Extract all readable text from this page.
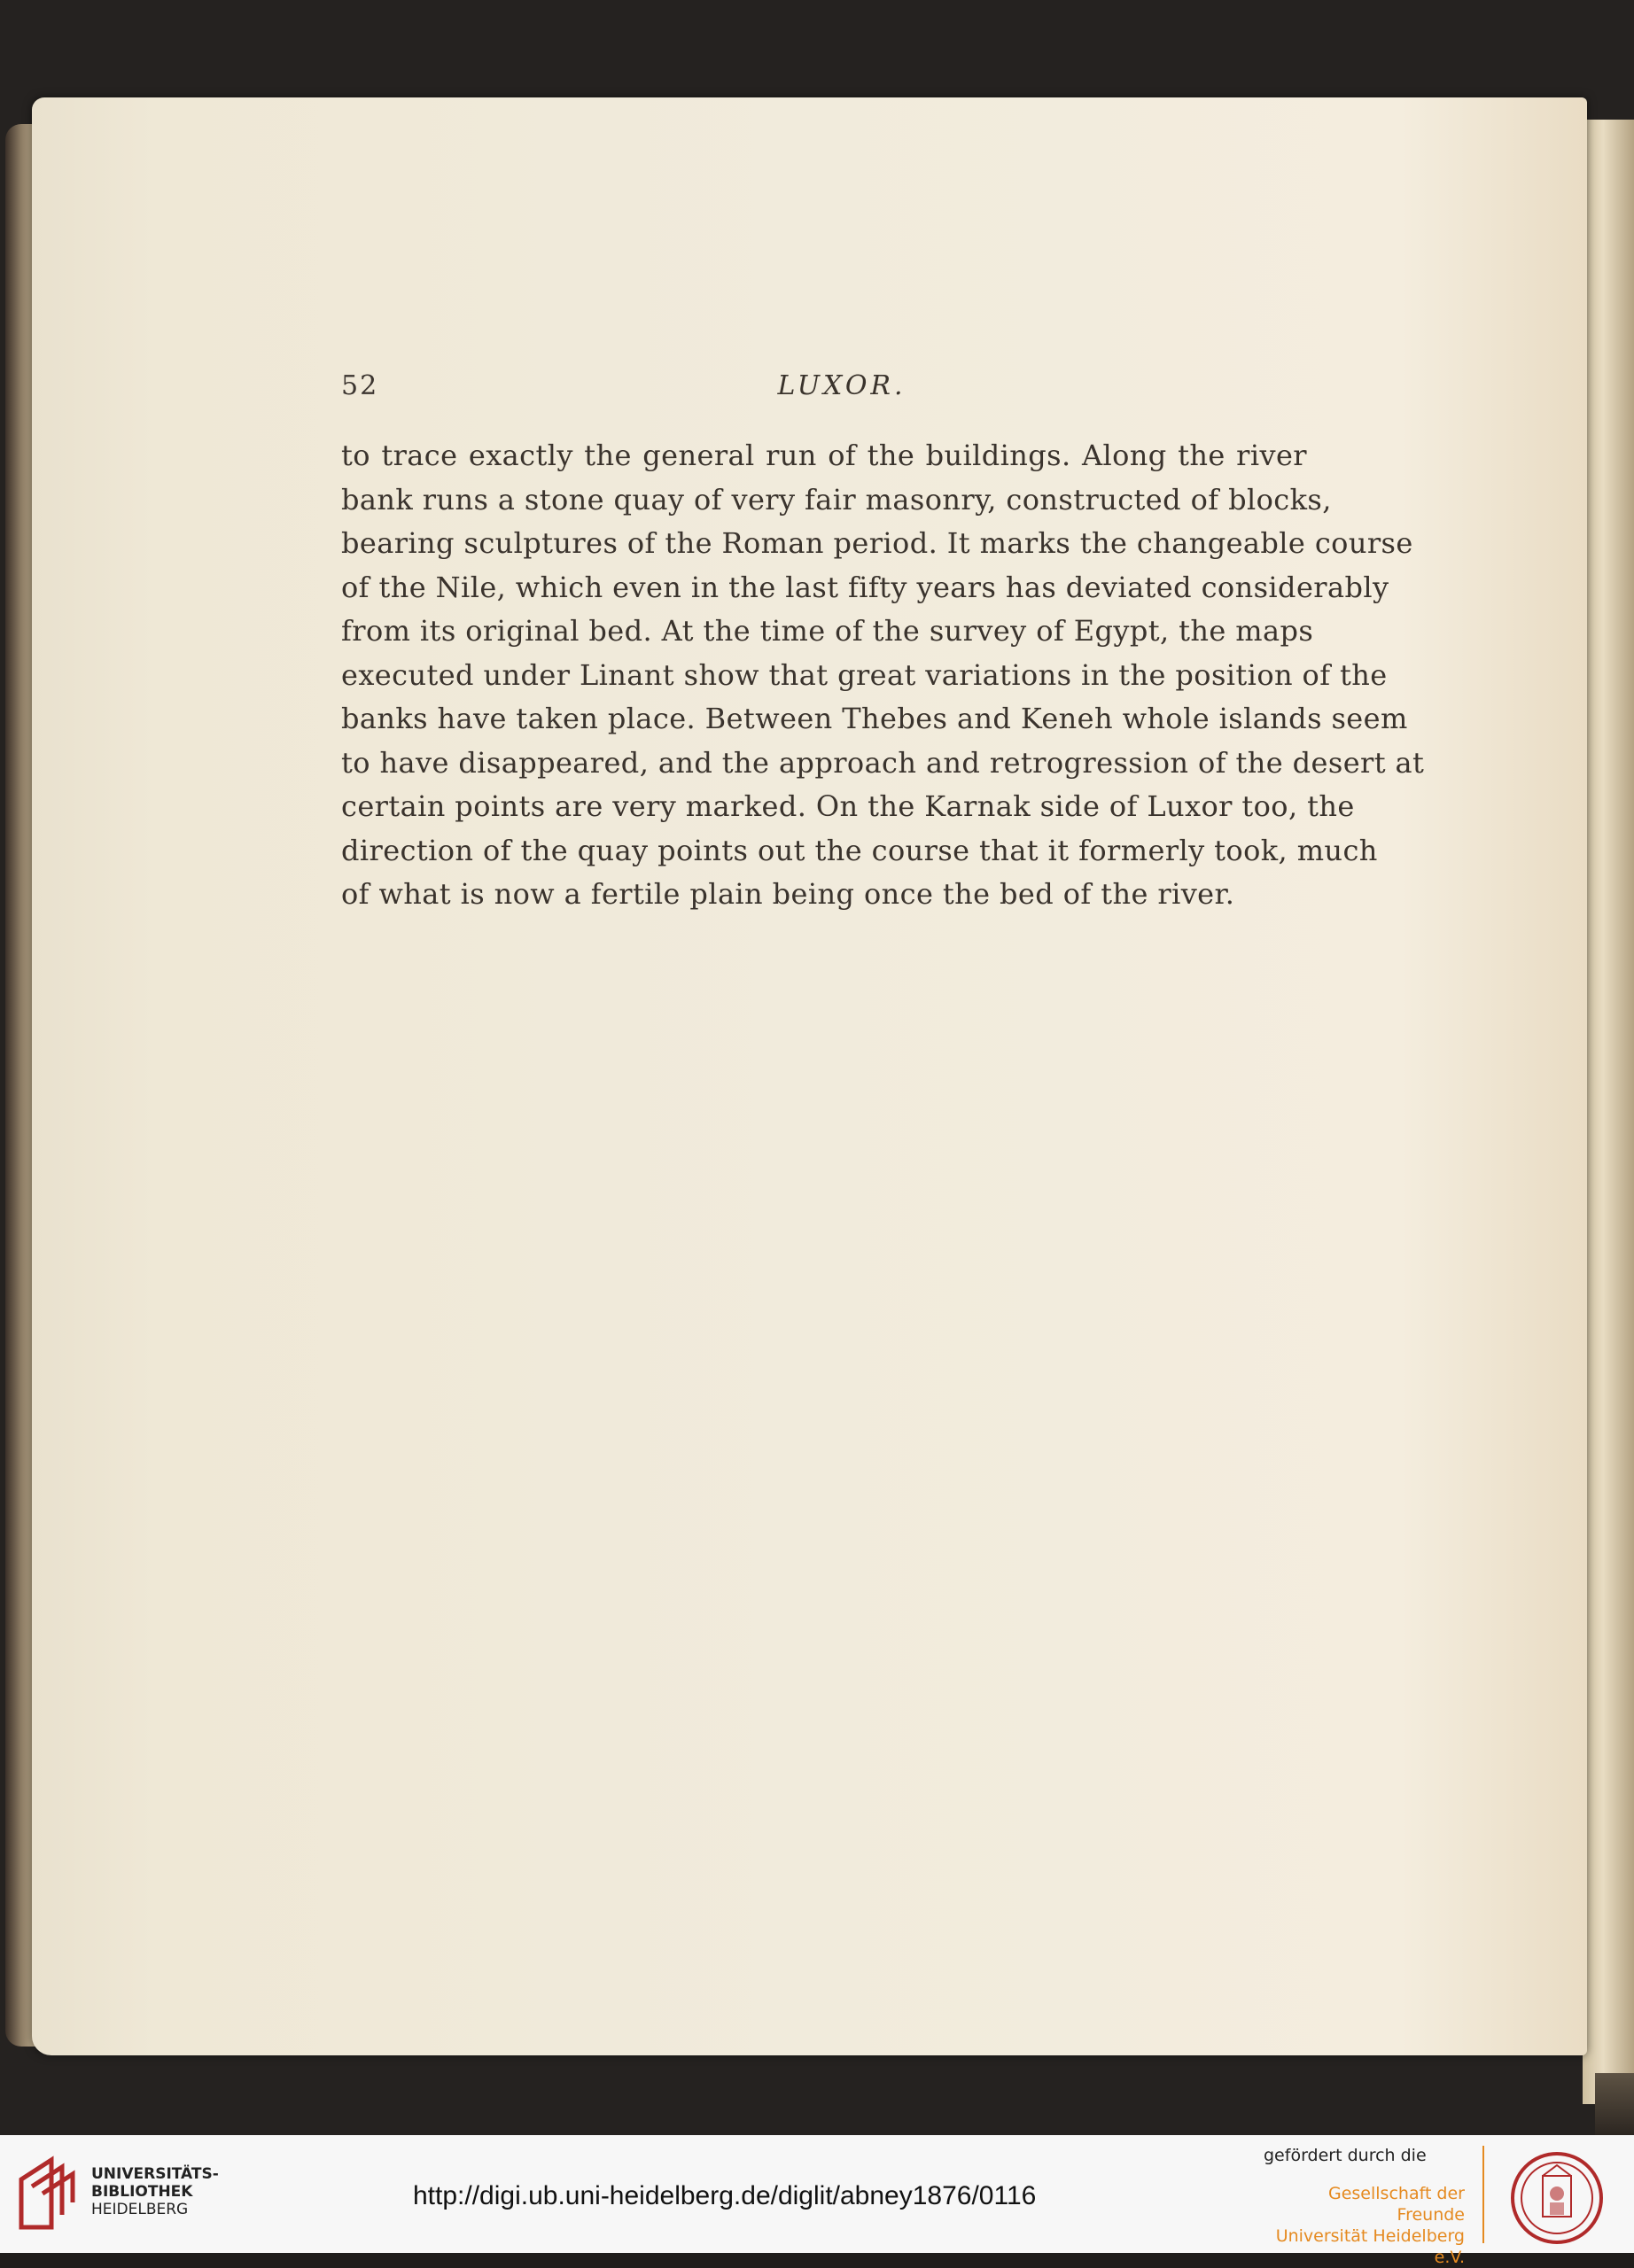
52	LUXOR.
to trace exactly the general run of the buildings. Along the river
bank runs a stone quay of very fair masonry, constructed of blocks,
bearing sculptures of the Roman period. It marks the changeable course
of the Nile, which even in the last fifty years has deviated considerably
from its original bed. At the time of the survey of Egypt, the maps
executed under Linant show that great variations in the position of the
banks have taken place. Between Thebes and Keneh whole islands seem
to have disappeared, and the approach and retrogression of the desert at
certain points are very marked. On the Karnak side of Luxor too, the
direction of the quay points out the course that it formerly took, much
of what is now a fertile plain being once the bed of the river.
UNIVERSITÄTS-
BIBLIOTHEK
HEIDELBERG	http://digi.ub.uni-heidelberg.de/diglit/abney1876/0116
gefördert durch die
Gesellschaft der Freunde
Universität Heidelberg e.V.
